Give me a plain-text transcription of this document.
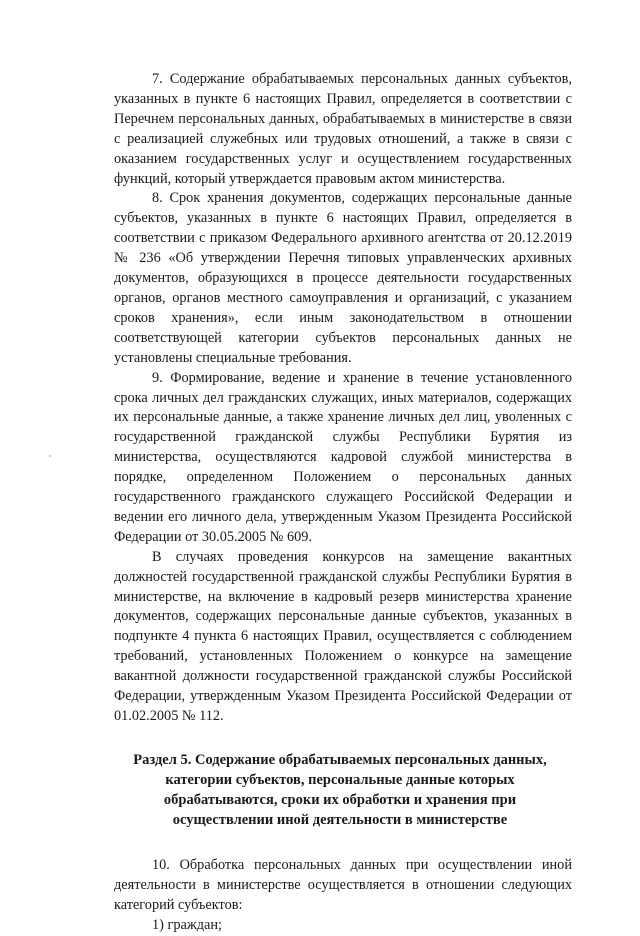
7. Содержание обрабатываемых персональных данных субъектов, указанных в пункте 6 настоящих Правил, определяется в соответствии с Перечнем персональных данных, обрабатываемых в министерстве в связи с реализацией служебных или трудовых отношений, а также в связи с оказанием государственных услуг и осуществлением государственных функций, который утверждается правовым актом министерства.

8. Срок хранения документов, содержащих персональные данные субъектов, указанных в пункте 6 настоящих Правил, определяется в соответствии с приказом Федерального архивного агентства от 20.12.2019 № 236 «Об утверждении Перечня типовых управленческих архивных документов, образующихся в процессе деятельности государственных органов, органов местного самоуправления и организаций, с указанием сроков хранения», если иным законодательством в отношении соответствующей категории субъектов персональных данных не установлены специальные требования.

9. Формирование, ведение и хранение в течение установленного срока личных дел гражданских служащих, иных материалов, содержащих их персональные данные, а также хранение личных дел лиц, уволенных с государственной гражданской службы Республики Бурятия из министерства, осуществляются кадровой службой министерства в порядке, определенном Положением о персональных данных государственного гражданского служащего Российской Федерации и ведении его личного дела, утвержденным Указом Президента Российской Федерации от 30.05.2005 № 609.

В случаях проведения конкурсов на замещение вакантных должностей государственной гражданской службы Республики Бурятия в министерстве, на включение в кадровый резерв министерства хранение документов, содержащих персональные данные субъектов, указанных в подпункте 4 пункта 6 настоящих Правил, осуществляется с соблюдением требований, установленных Положением о конкурсе на замещение вакантной должности государственной гражданской службы Российской Федерации, утвержденным Указом Президента Российской Федерации от 01.02.2005 № 112.

Раздел 5. Содержание обрабатываемых персональных данных,
категории субъектов, персональные данные которых
обрабатываются, сроки их обработки и хранения при
осуществлении иной деятельности в министерстве

10. Обработка персональных данных при осуществлении иной деятельности в министерстве осуществляется в отношении следующих категорий субъектов:

1) граждан;
